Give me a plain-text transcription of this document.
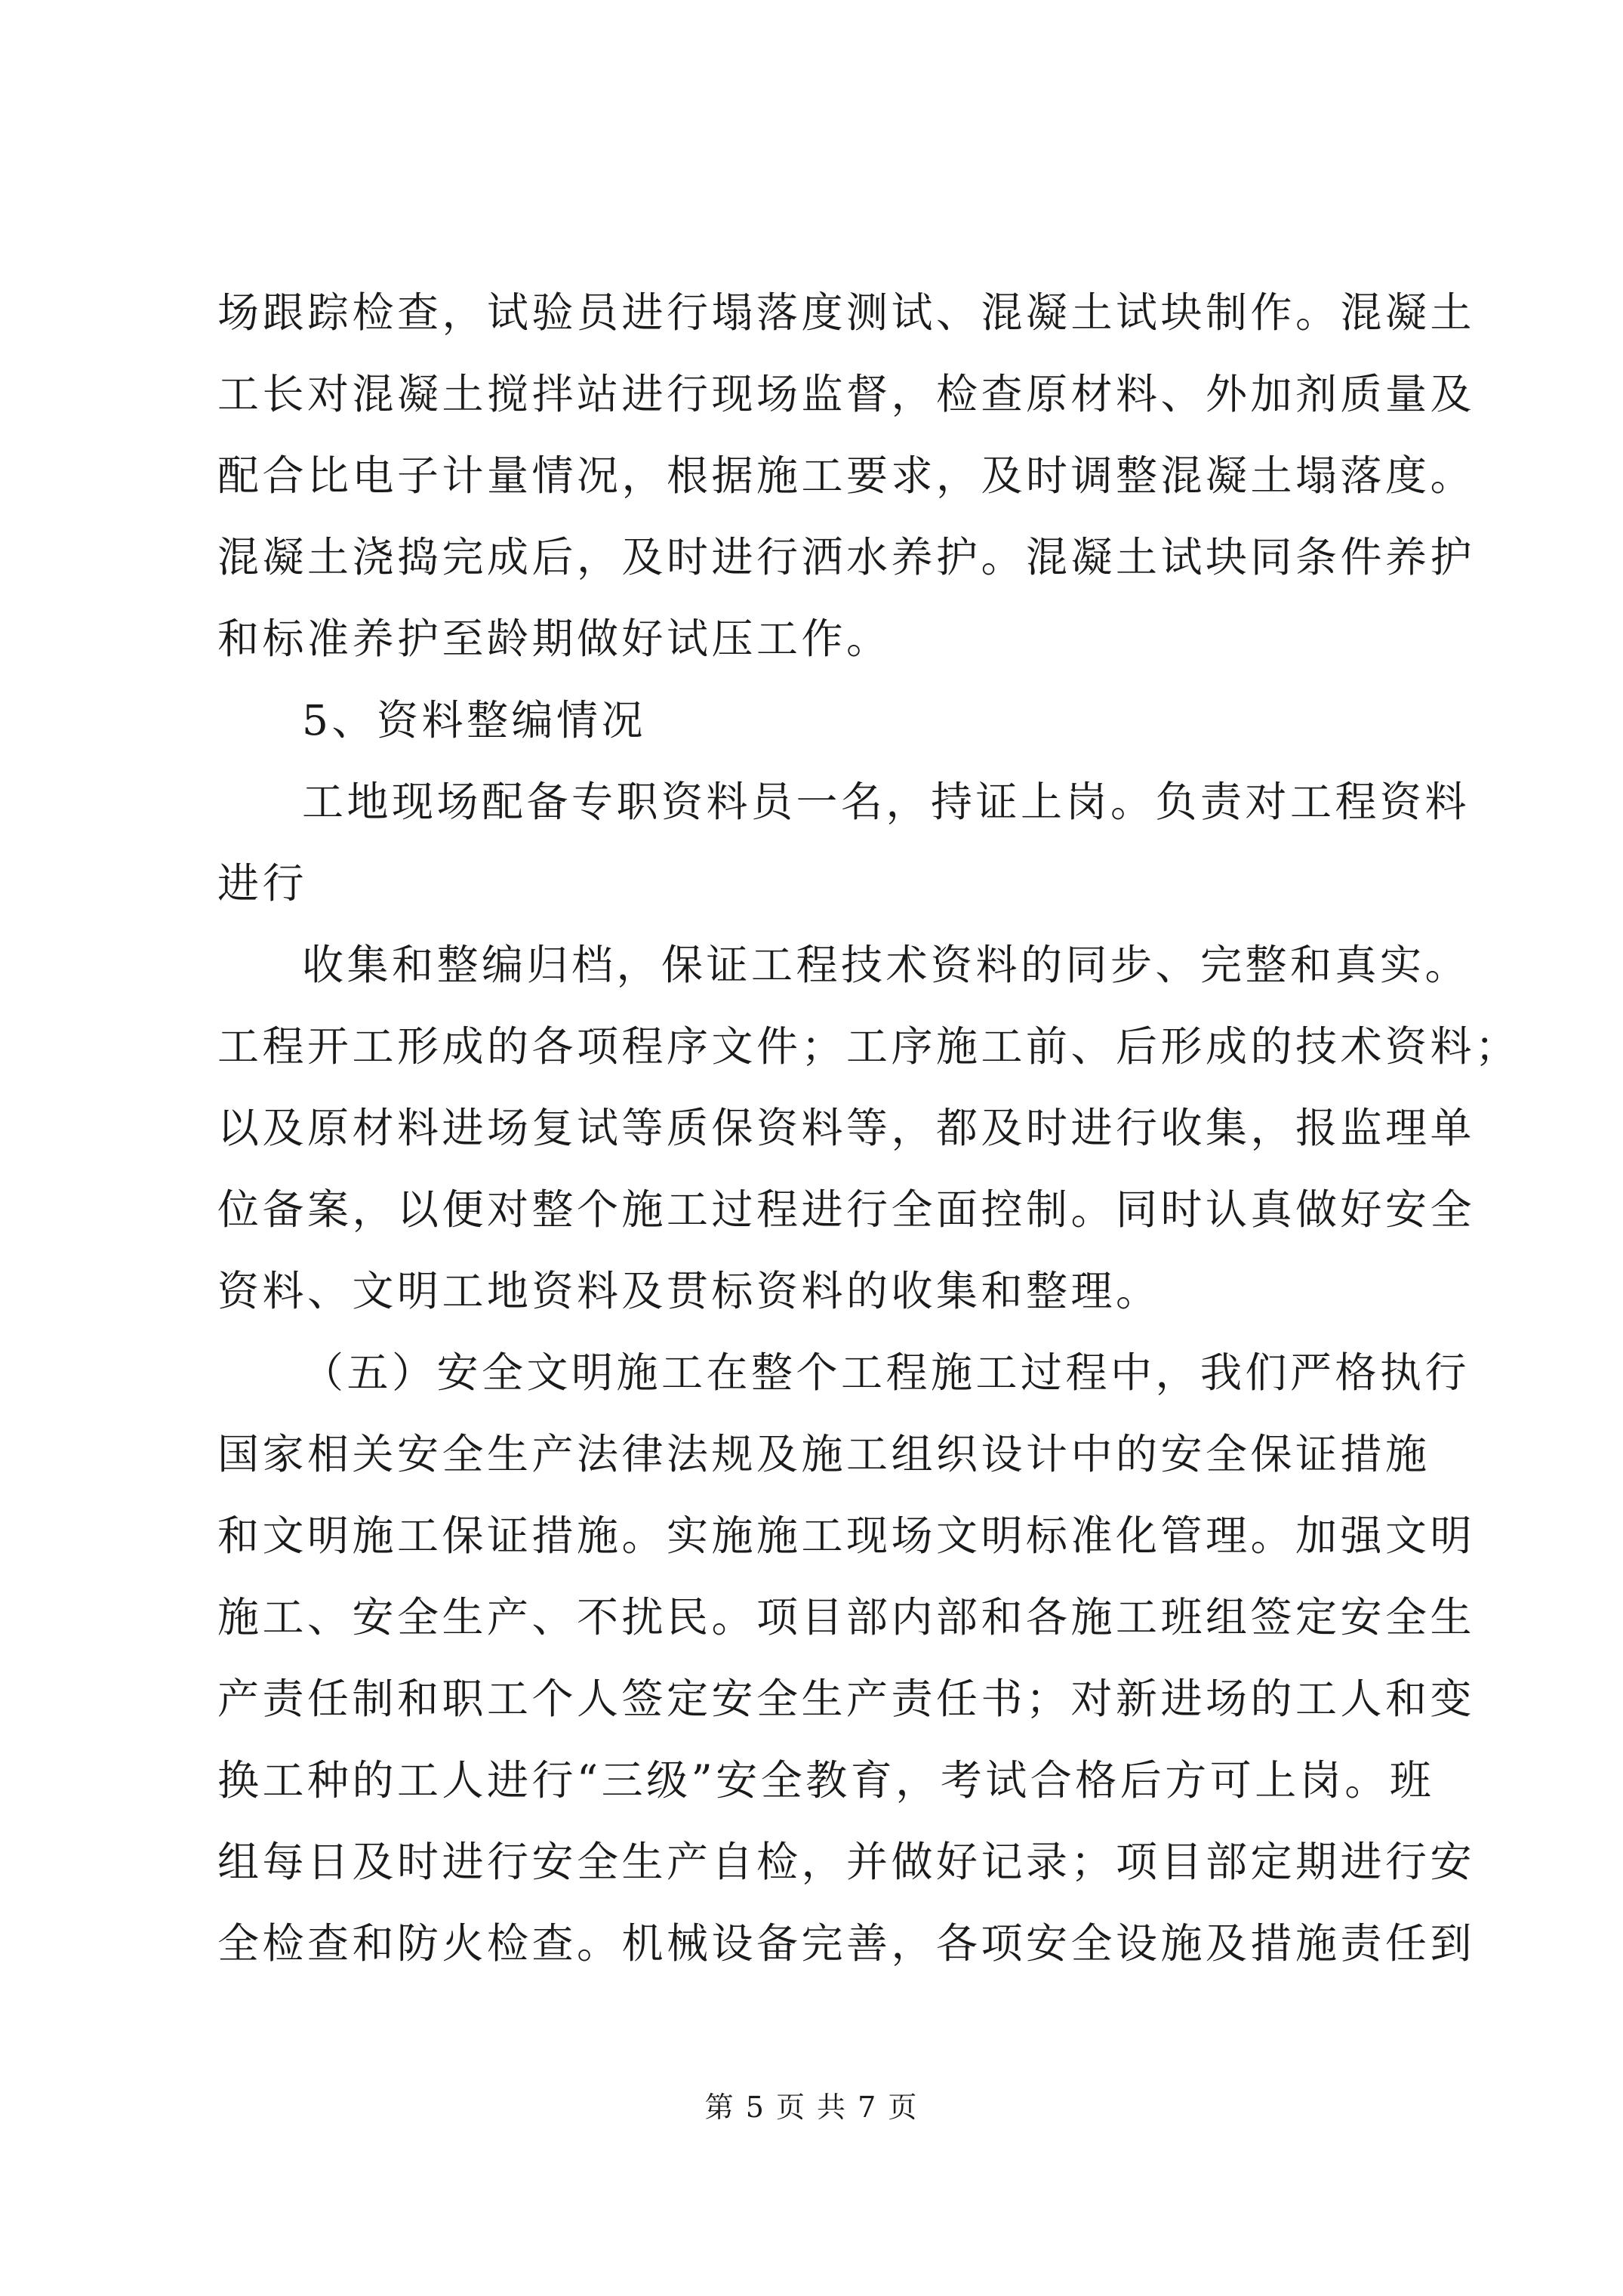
场跟踪检查，试验员进行塌落度测试、混凝土试块制作。混凝土
工长对混凝土搅拌站进行现场监督，检查原材料、外加剂质量及
配合比电子计量情况，根据施工要求，及时调整混凝土塌落度。
混凝土浇捣完成后，及时进行洒水养护。混凝土试块同条件养护
和标准养护至龄期做好试压工作。
5、资料整编情况
工地现场配备专职资料员一名，持证上岗。负责对工程资料
进行
收集和整编归档，保证工程技术资料的同步、完整和真实。
工程开工形成的各项程序文件；工序施工前、后形成的技术资料；
以及原材料进场复试等质保资料等，都及时进行收集，报监理单
位备案，以便对整个施工过程进行全面控制。同时认真做好安全
资料、文明工地资料及贯标资料的收集和整理。
（五）安全文明施工在整个工程施工过程中，我们严格执行
国家相关安全生产法律法规及施工组织设计中的安全保证措施
和文明施工保证措施。实施施工现场文明标准化管理。加强文明
施工、安全生产、不扰民。项目部内部和各施工班组签定安全生
产责任制和职工个人签定安全生产责任书；对新进场的工人和变
换工种的工人进行“三级”安全教育，考试合格后方可上岗。班
组每日及时进行安全生产自检，并做好记录；项目部定期进行安
全检查和防火检查。机械设备完善，各项安全设施及措施责任到
第 5 页 共 7 页
